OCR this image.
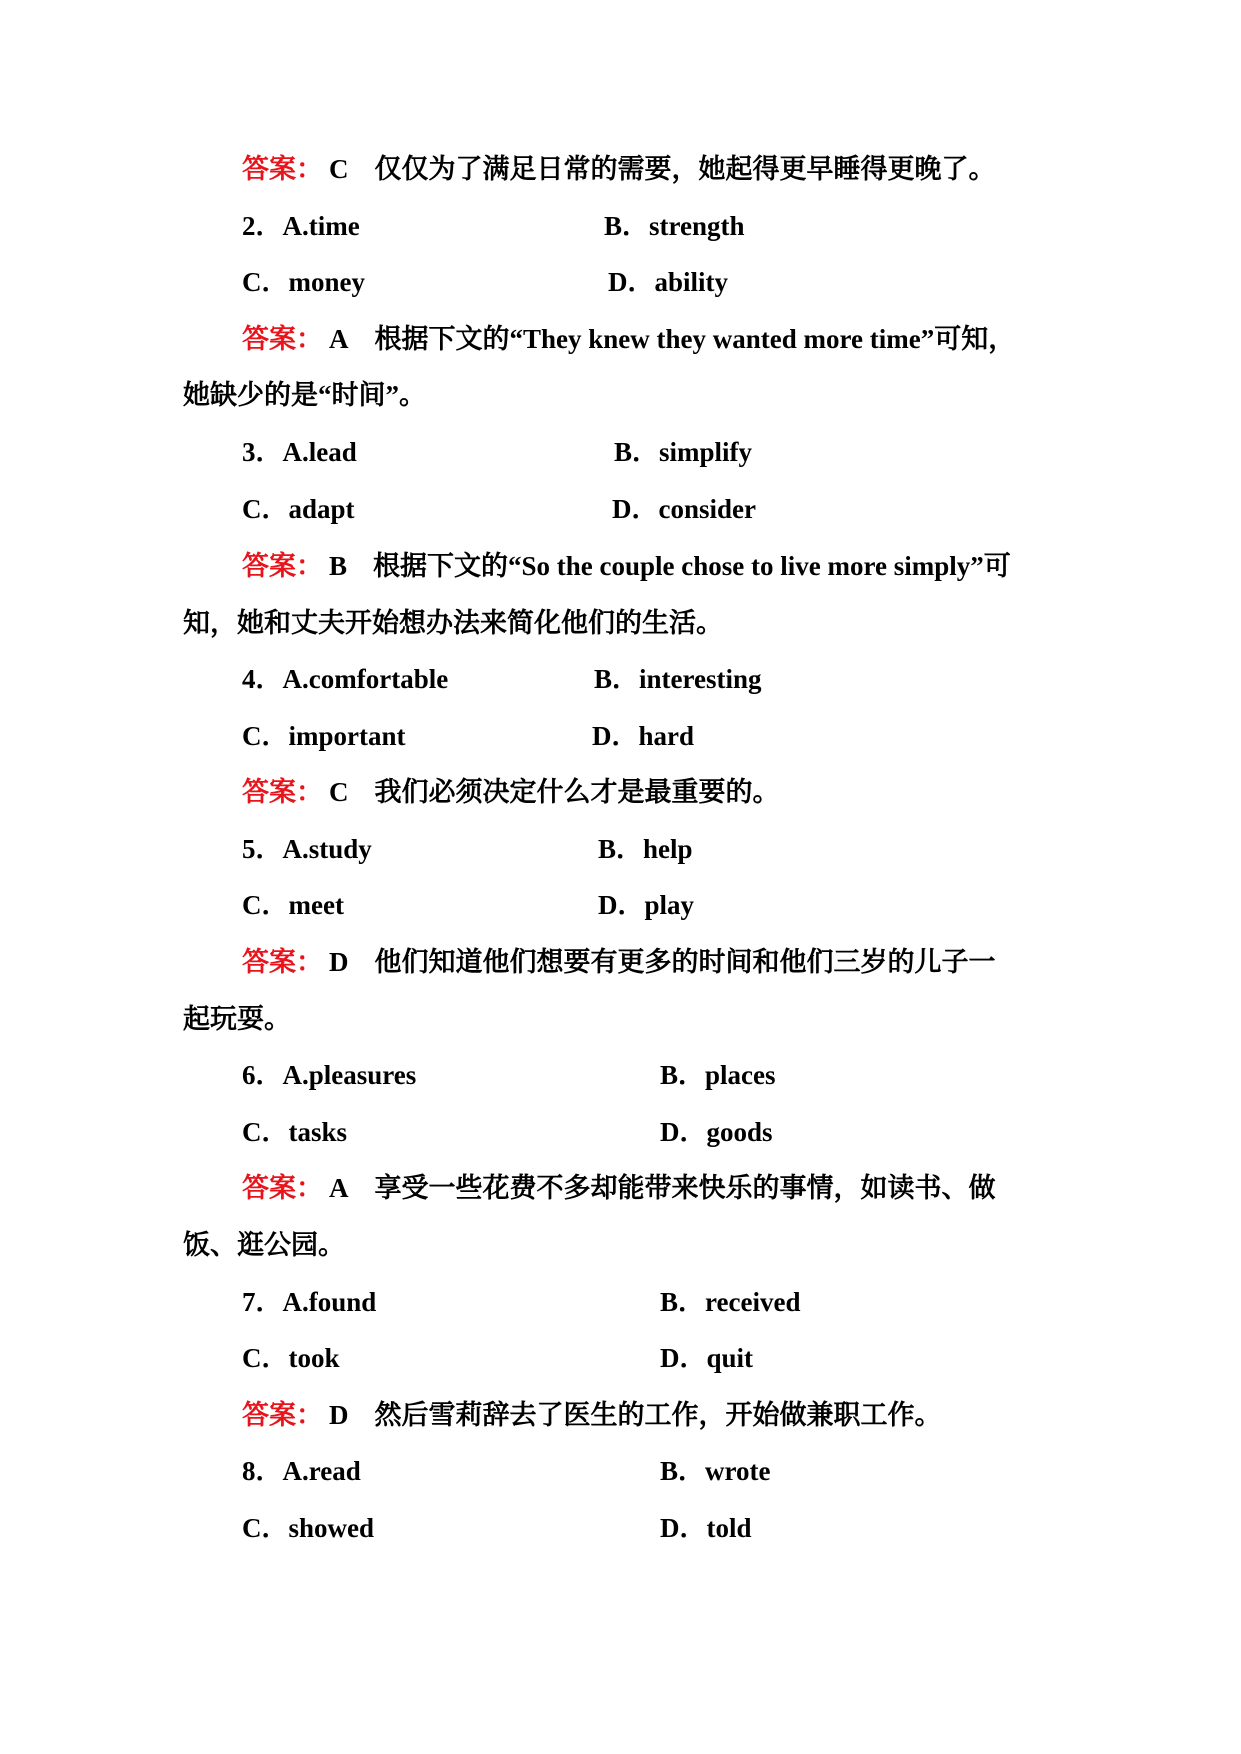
答案： C 仅仅为了满足日常的需要，她起得更早睡得更晚了。
2．A.time	B．strength
C．money	D．ability
答案： A 根据下文的“They knew they wanted more time”可知，
她缺少的是“时间”。
3．A.lead	B．simplify
C．adapt	D．consider
答案： B 根据下文的“So the couple chose to live more simply”可
知，她和丈夫开始想办法来简化他们的生活。
4．A.comfortable	B．interesting
C．important	D．hard
答案： C 我们必须决定什么才是最重要的。
5．A.study	B．help
C．meet	D．play
答案： D 他们知道他们想要有更多的时间和他们三岁的儿子一
起玩耍。
6．A.pleasures	B．places
C．tasks	D．goods
答案： A 享受一些花费不多却能带来快乐的事情，如读书、做
饭、逛公园。
7．A.found	B．received
C．took	D．quit
答案： D 然后雪莉辞去了医生的工作，开始做兼职工作。
8．A.read	B．wrote
C．showed	D．told
